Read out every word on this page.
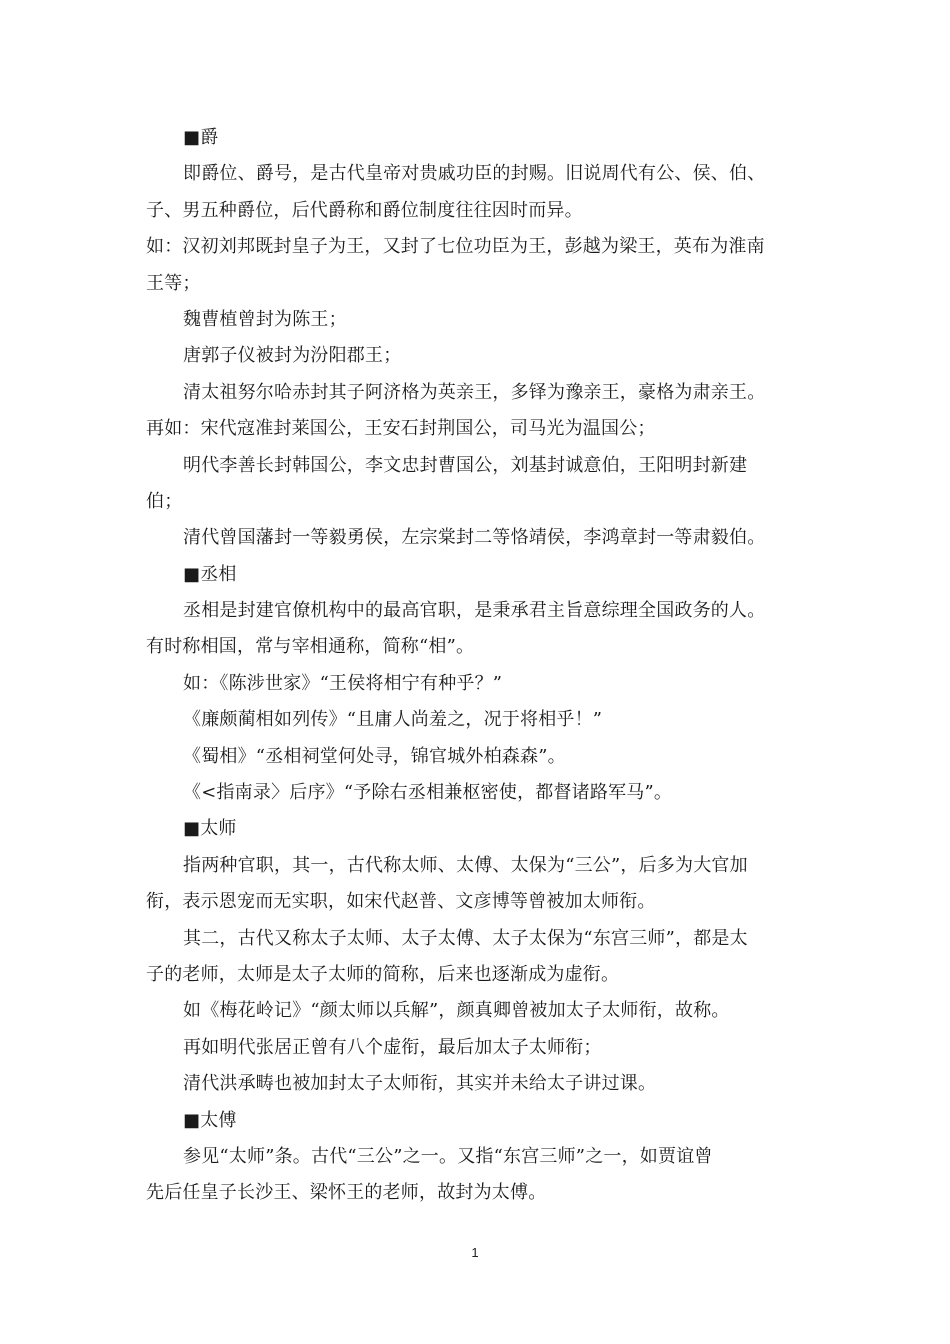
■爵
即爵位、爵号，是古代皇帝对贵戚功臣的封赐。旧说周代有公、侯、伯、
子、男五种爵位，后代爵称和爵位制度往往因时而异。
如：汉初刘邦既封皇子为王，又封了七位功臣为王，彭越为梁王，英布为淮南
王等；
魏曹植曾封为陈王；
唐郭子仪被封为汾阳郡王；
清太祖努尔哈赤封其子阿济格为英亲王，多铎为豫亲王，豪格为肃亲王。
再如：宋代寇准封莱国公，王安石封荆国公，司马光为温国公；
明代李善长封韩国公，李文忠封曹国公，刘基封诚意伯，王阳明封新建
伯；
清代曾国藩封一等毅勇侯，左宗棠封二等恪靖侯，李鸿章封一等肃毅伯。
■丞相
丞相是封建官僚机构中的最高官职，是秉承君主旨意综理全国政务的人。
有时称相国，常与宰相通称，简称“相”。
如：《陈涉世家》“王侯将相宁有种乎？”
《廉颇蔺相如列传》“且庸人尚羞之，况于将相乎！”
《蜀相》“丞相祠堂何处寻，锦官城外柏森森”。
《<指南录〉后序》“予除右丞相兼枢密使，都督诸路军马”。
■太师
指两种官职，其一，古代称太师、太傅、太保为“三公”，后多为大官加
衔，表示恩宠而无实职，如宋代赵普、文彦博等曾被加太师衔。
其二，古代又称太子太师、太子太傅、太子太保为“东宫三师”，都是太
子的老师，太师是太子太师的简称，后来也逐渐成为虚衔。
如《梅花岭记》“颜太师以兵解”，颜真卿曾被加太子太师衔，故称。
再如明代张居正曾有八个虚衔，最后加太子太师衔；
清代洪承畴也被加封太子太师衔，其实并未给太子讲过课。
■太傅
参见“太师”条。古代“三公”之一。又指“东宫三师”之一，如贾谊曾
先后任皇子长沙王、梁怀王的老师，故封为太傅。
1
